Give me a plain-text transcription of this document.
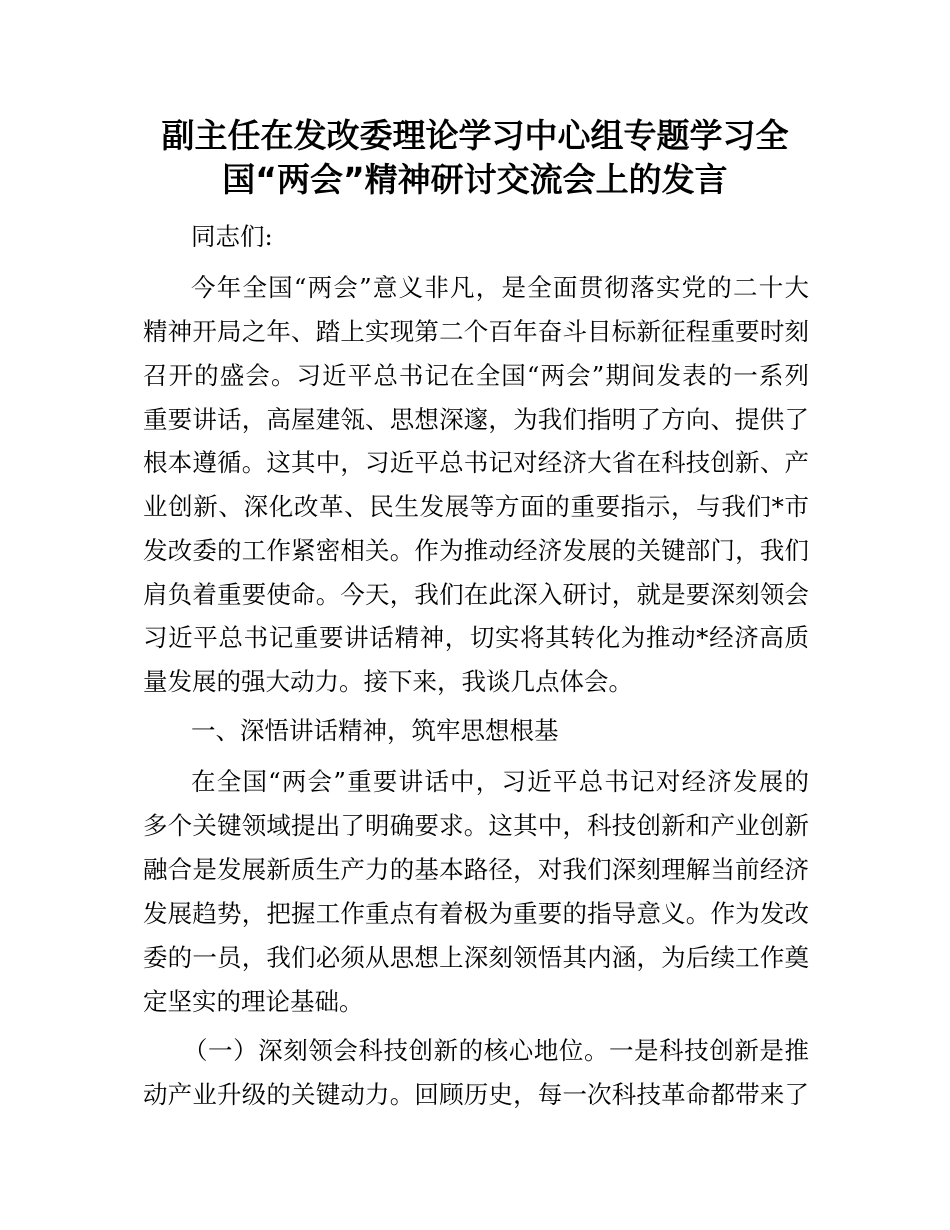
副主任在发改委理论学习中心组专题学习全
国“两会”精神研讨交流会上的发言
同志们:
今年全国“两会”意义非凡，是全面贯彻落实党的二十大
精神开局之年、踏上实现第二个百年奋斗目标新征程重要时刻
召开的盛会。习近平总书记在全国“两会”期间发表的一系列
重要讲话，高屋建瓴、思想深邃，为我们指明了方向、提供了
根本遵循。这其中，习近平总书记对经济大省在科技创新、产
业创新、深化改革、民生发展等方面的重要指示，与我们*市
发改委的工作紧密相关。作为推动经济发展的关键部门，我们
肩负着重要使命。今天，我们在此深入研讨，就是要深刻领会
习近平总书记重要讲话精神，切实将其转化为推动*经济高质
量发展的强大动力。接下来，我谈几点体会。
一、深悟讲话精神，筑牢思想根基
在全国“两会”重要讲话中，习近平总书记对经济发展的
多个关键领域提出了明确要求。这其中，科技创新和产业创新
融合是发展新质生产力的基本路径，对我们深刻理解当前经济
发展趋势，把握工作重点有着极为重要的指导意义。作为发改
委的一员，我们必须从思想上深刻领悟其内涵，为后续工作奠
定坚实的理论基础。
（一）深刻领会科技创新的核心地位。一是科技创新是推
动产业升级的关键动力。回顾历史，每一次科技革命都带来了
